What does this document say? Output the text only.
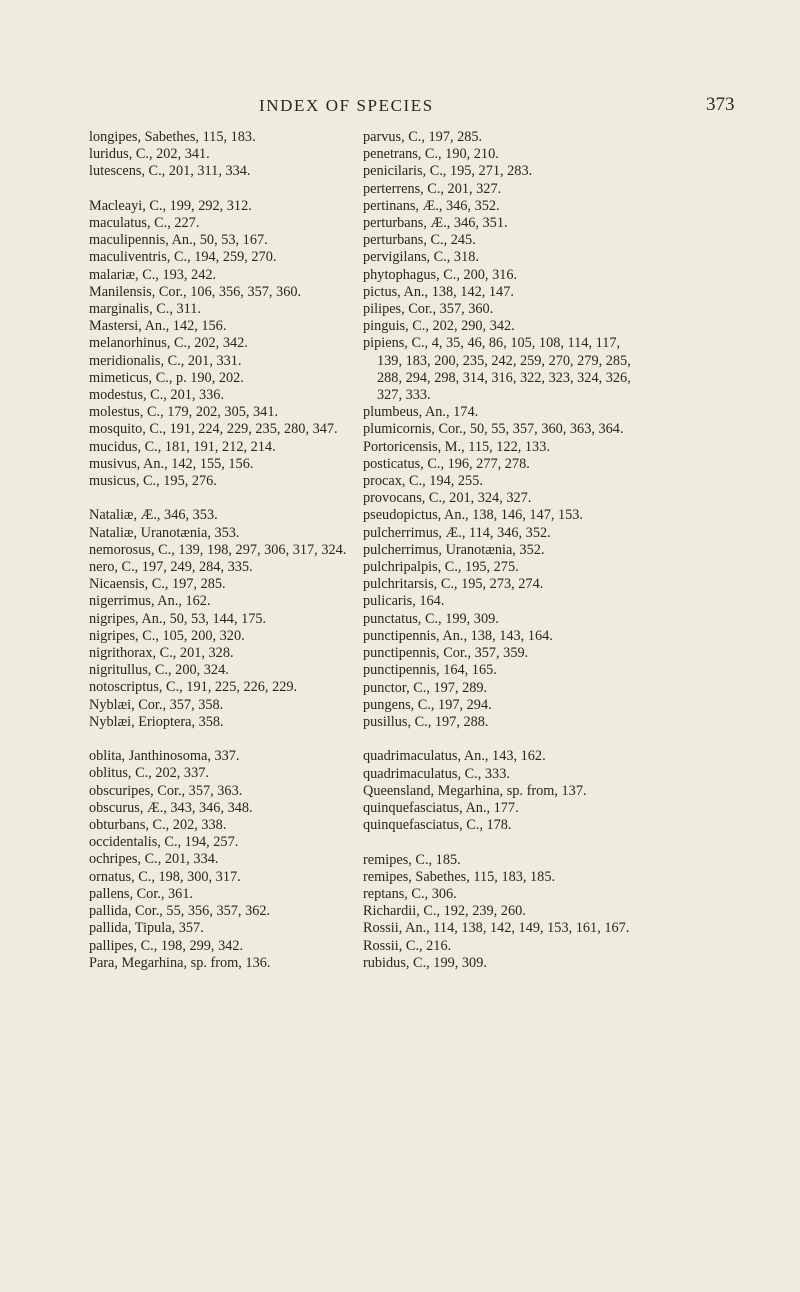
INDEX OF SPECIES	373
longipes, Sabethes, 115, 183.
luridus, C., 202, 341.
lutescens, C., 201, 311, 334.
Macleayi, C., 199, 292, 312.
maculatus, C., 227.
maculipennis, An., 50, 53, 167.
maculiventris, C., 194, 259, 270.
malariæ, C., 193, 242.
Manilensis, Cor., 106, 356, 357, 360.
marginalis, C., 311.
Mastersi, An., 142, 156.
melanorhinus, C., 202, 342.
meridionalis, C., 201, 331.
mimeticus, C., p. 190, 202.
modestus, C., 201, 336.
molestus, C., 179, 202, 305, 341.
mosquito, C., 191, 224, 229, 235, 280, 347.
mucidus, C., 181, 191, 212, 214.
musivus, An., 142, 155, 156.
musicus, C., 195, 276.
Nataliæ, Æ., 346, 353.
Nataliæ, Uranotænia, 353.
nemorosus, C., 139, 198, 297, 306, 317, 324.
nero, C., 197, 249, 284, 335.
Nicaensis, C., 197, 285.
nigerrimus, An., 162.
nigripes, An., 50, 53, 144, 175.
nigripes, C., 105, 200, 320.
nigrithorax, C., 201, 328.
nigritullus, C., 200, 324.
notoscriptus, C., 191, 225, 226, 229.
Nyblæi, Cor., 357, 358.
Nyblæi, Erioptera, 358.
oblita, Janthinosoma, 337.
oblitus, C., 202, 337.
obscuripes, Cor., 357, 363.
obscurus, Æ., 343, 346, 348.
obturbans, C., 202, 338.
occidentalis, C., 194, 257.
ochripes, C., 201, 334.
ornatus, C., 198, 300, 317.
pallens, Cor., 361.
pallida, Cor., 55, 356, 357, 362.
pallida, Tipula, 357.
pallipes, C., 198, 299, 342.
Para, Megarhina, sp. from, 136.
parvus, C., 197, 285.
penetrans, C., 190, 210.
penicilaris, C., 195, 271, 283.
perterrens, C., 201, 327.
pertinans, Æ., 346, 352.
perturbans, Æ., 346, 351.
perturbans, C., 245.
pervigilans, C., 318.
phytophagus, C., 200, 316.
pictus, An., 138, 142, 147.
pilipes, Cor., 357, 360.
pinguis, C., 202, 290, 342.
pipiens, C., 4, 35, 46, 86, 105, 108, 114, 117, 139, 183, 200, 235, 242, 259, 270, 279, 285, 288, 294, 298, 314, 316, 322, 323, 324, 326, 327, 333.
plumbeus, An., 174.
plumicornis, Cor., 50, 55, 357, 360, 363, 364.
Portoricensis, M., 115, 122, 133.
posticatus, C., 196, 277, 278.
procax, C., 194, 255.
provocans, C., 201, 324, 327.
pseudopictus, An., 138, 146, 147, 153.
pulcherrimus, Æ., 114, 346, 352.
pulcherrimus, Uranotænia, 352.
pulchripalpis, C., 195, 275.
pulchritarsis, C., 195, 273, 274.
pulicaris, 164.
punctatus, C., 199, 309.
punctipennis, An., 138, 143, 164.
punctipennis, Cor., 357, 359.
punctipennis, 164, 165.
punctor, C., 197, 289.
pungens, C., 197, 294.
pusillus, C., 197, 288.
quadrimaculatus, An., 143, 162.
quadrimaculatus, C., 333.
Queensland, Megarhina, sp. from, 137.
quinquefasciatus, An., 177.
quinquefasciatus, C., 178.
remipes, C., 185.
remipes, Sabethes, 115, 183, 185.
reptans, C., 306.
Richardii, C., 192, 239, 260.
Rossii, An., 114, 138, 142, 149, 153, 161, 167.
Rossii, C., 216.
rubidus, C., 199, 309.
